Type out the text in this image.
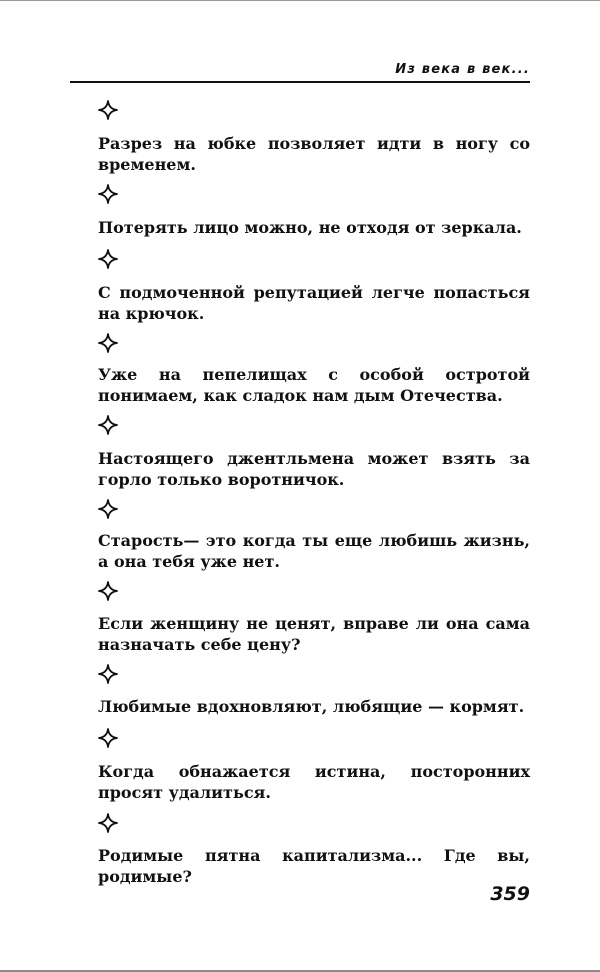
Из века в век...

Разрез на юбке позволяет идти в ногу со временем.

Потерять лицо можно, не отходя от зеркала.

С подмоченной репутацией легче попасться на крючок.

Уже на пепелищах с особой остротой понимаем, как сладок нам дым Отечества.

Настоящего джентльмена может взять за горло только воротничок.

Старость— это когда ты еще любишь жизнь, а она тебя уже нет.

Если женщину не ценят, вправе ли она сама назначать себе цену?

Любимые вдохновляют, любящие — кормят.

Когда обнажается истина, посторонних просят удалиться.

Родимые пятна капитализма... Где вы, родимые?

359
